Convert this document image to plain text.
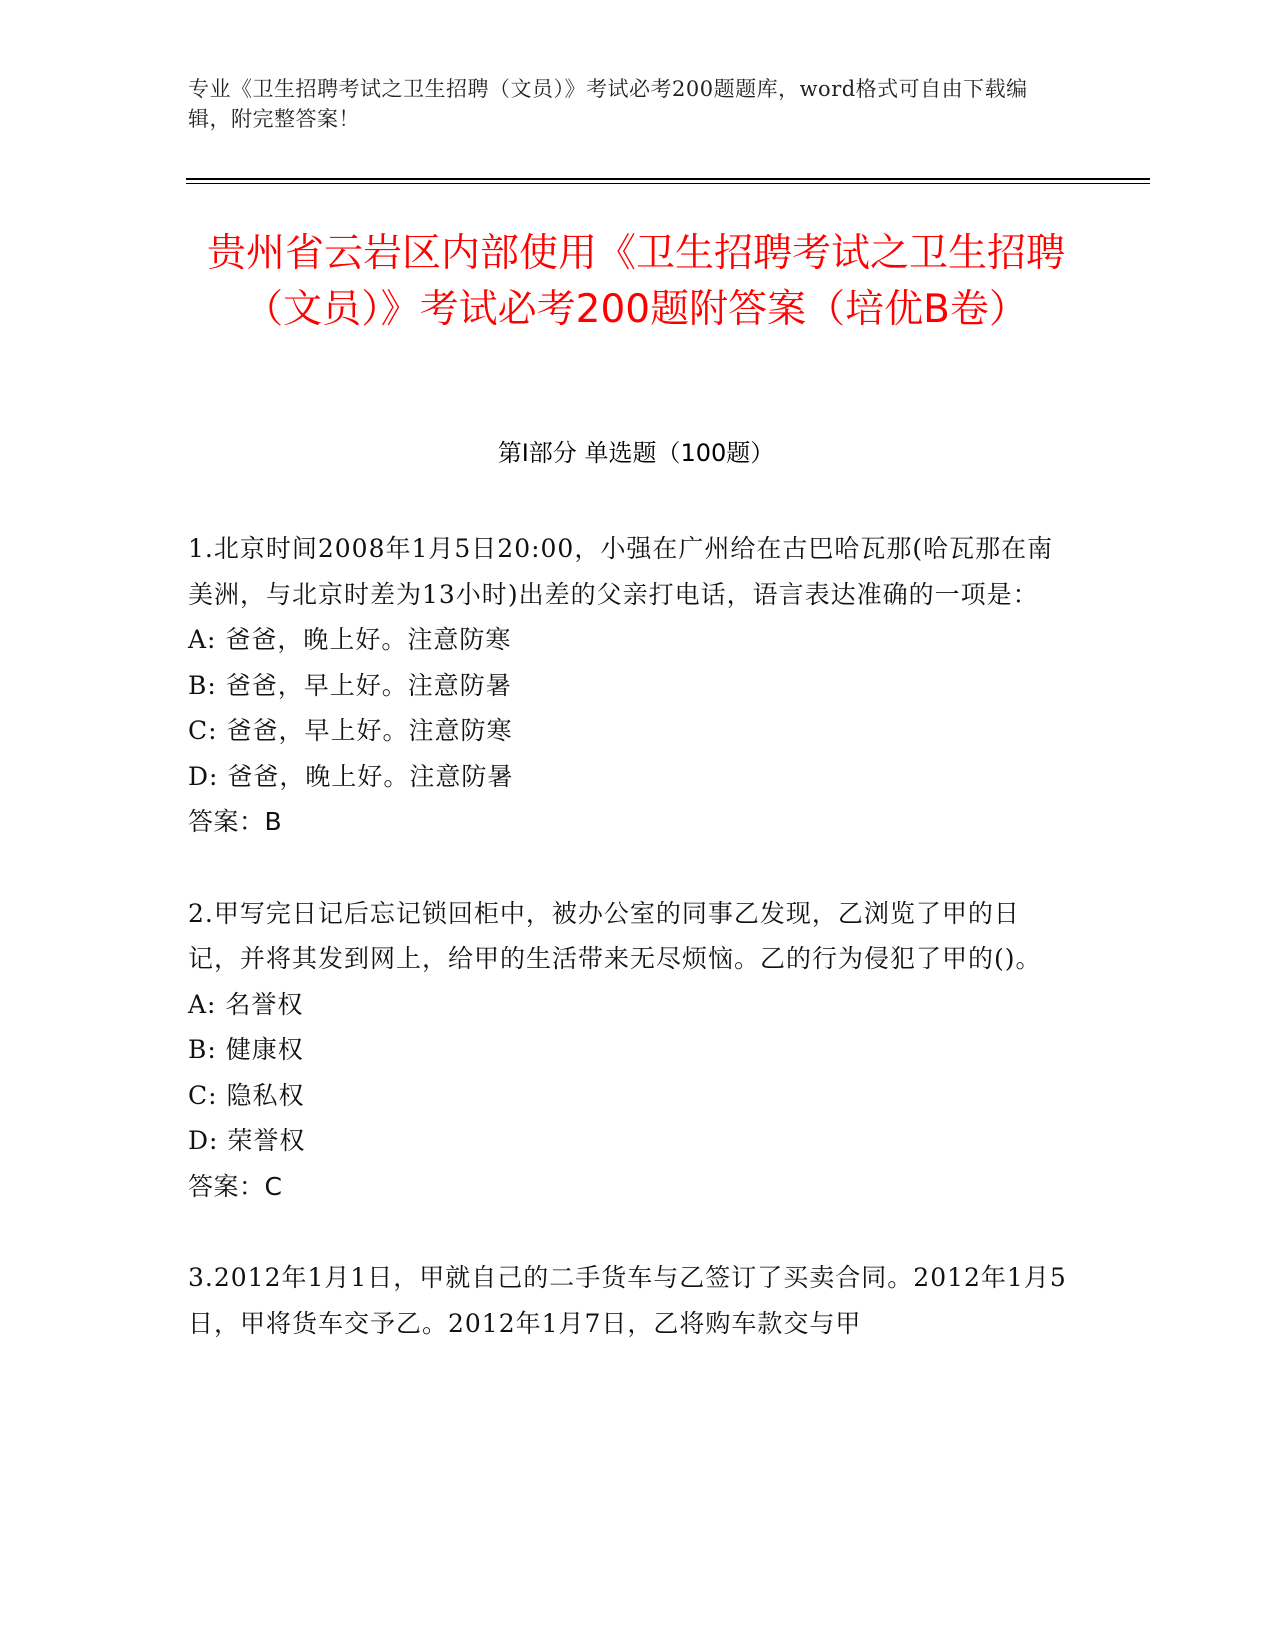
专业《卫生招聘考试之卫生招聘（文员）》考试必考200题题库，word格式可自由下载编辑，附完整答案！
贵州省云岩区内部使用《卫生招聘考试之卫生招聘（文员）》考试必考200题附答案（培优B卷）
第Ⅰ部分 单选题（100题）
1.北京时间2008年1月5日20:00，小强在广州给在古巴哈瓦那(哈瓦那在南美洲，与北京时差为13小时)出差的父亲打电话，语言表达准确的一项是：
A: 爸爸，晚上好。注意防寒
B: 爸爸，早上好。注意防暑
C: 爸爸，早上好。注意防寒
D: 爸爸，晚上好。注意防暑
答案：B
2.甲写完日记后忘记锁回柜中，被办公室的同事乙发现，乙浏览了甲的日记，并将其发到网上，给甲的生活带来无尽烦恼。乙的行为侵犯了甲的()。
A: 名誉权
B: 健康权
C: 隐私权
D: 荣誉权
答案：C
3.2012年1月1日，甲就自己的二手货车与乙签订了买卖合同。2012年1月5日，甲将货车交予乙。2012年1月7日，乙将购车款交与甲
